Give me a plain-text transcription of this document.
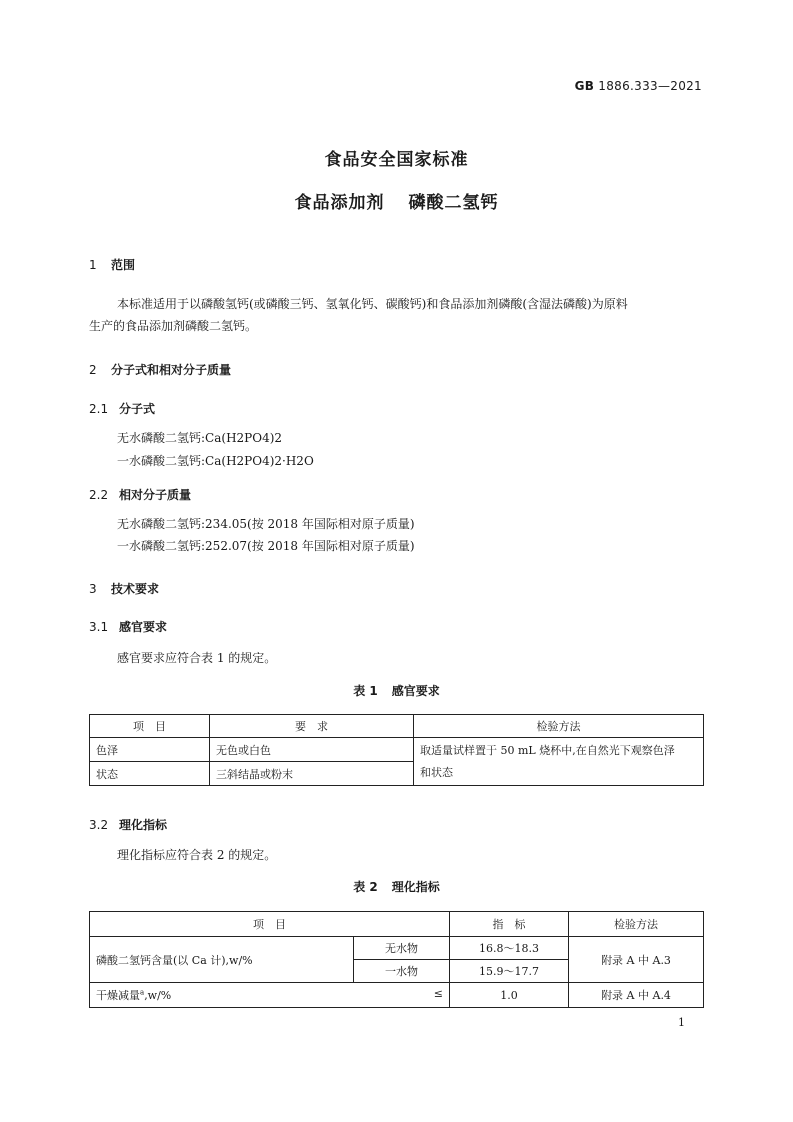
GB 1886.333—2021
食品安全国家标准
食品添加剂 磷酸二氢钙
1 范围
本标准适用于以磷酸氢钙(或磷酸三钙、氢氧化钙、碳酸钙)和食品添加剂磷酸(含湿法磷酸)为原料
生产的食品添加剂磷酸二氢钙。
2 分子式和相对分子质量
2.1 分子式
无水磷酸二氢钙:Ca(H2PO4)2
一水磷酸二氢钙:Ca(H2PO4)2·H2O
2.2 相对分子质量
无水磷酸二氢钙:234.05(按 2018 年国际相对原子质量)
一水磷酸二氢钙:252.07(按 2018 年国际相对原子质量)
3 技术要求
3.1 感官要求
感官要求应符合表 1 的规定。
表 1 感官要求
项　目	要　求	检验方法
色泽	无色或白色	取适量试样置于 50 mL 烧杯中,在自然光下观察色泽
和状态

状态	三斜结晶或粉末	
3.2 理化指标
理化指标应符合表 2 的规定。
表 2 理化指标
项　目		指　标	检验方法
磷酸二氢钙含量(以 Ca 计),w/%	无水物	16.8～18.3	附录 A 中 A.3
	一水物	15.9～17.7	

干燥减量$^a$,w/% ≤		1.0	附录 A 中 A.4
1
